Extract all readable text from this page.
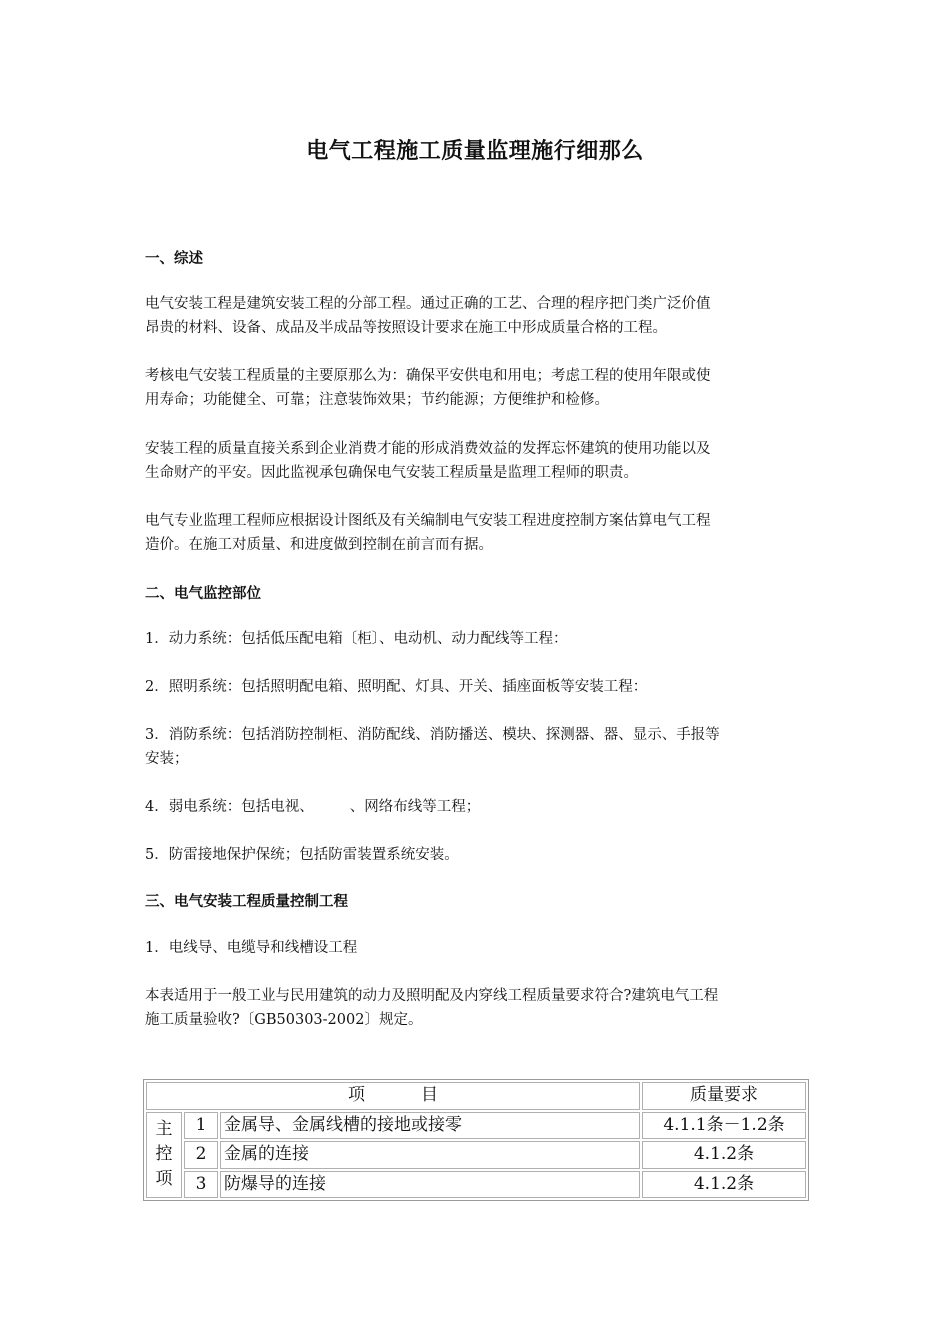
电气工程施工质量监理施行细那么
一、综述
电气安装工程是建筑安装工程的分部工程。通过正确的工艺、合理的程序把门类广泛价值
昂贵的材料、设备、成品及半成品等按照设计要求在施工中形成质量合格的工程。
考核电气安装工程质量的主要原那么为：确保平安供电和用电；考虑工程的使用年限或使
用寿命；功能健全、可靠；注意装饰效果；节约能源；方便维护和检修。
安装工程的质量直接关系到企业消费才能的形成消费效益的发挥忘怀建筑的使用功能以及
生命财产的平安。因此监视承包确保电气安装工程质量是监理工程师的职责。
电气专业监理工程师应根据设计图纸及有关编制电气安装工程进度控制方案估算电气工程
造价。在施工对质量、和进度做到控制在前言而有据。
二、电气监控部位
1．动力系统：包括低压配电箱〔柜〕、电动机、动力配线等工程：
2．照明系统：包括照明配电箱、照明配、灯具、开关、插座面板等安装工程：
3．消防系统：包括消防控制柜、消防配线、消防播送、模块、探测器、器、显示、手报等
安装；
4．弱电系统：包括电视、 、网络布线等工程；
5．防雷接地保护保统；包括防雷装置系统安装。
三、电气安装工程质量控制工程
1．电线导、电缆导和线槽设工程
本表适用于一般工业与民用建筑的动力及照明配及内穿线工程质量要求符合?建筑电气工程
施工质量验收?〔GB50303-2002〕规定。
项 目			质量要求

主
控
项	1	金属导、金属线槽的接地或接零	4.1.1条－1.2条
	2	金属的连接	4.1.2条
	3	防爆导的连接	4.1.2条
